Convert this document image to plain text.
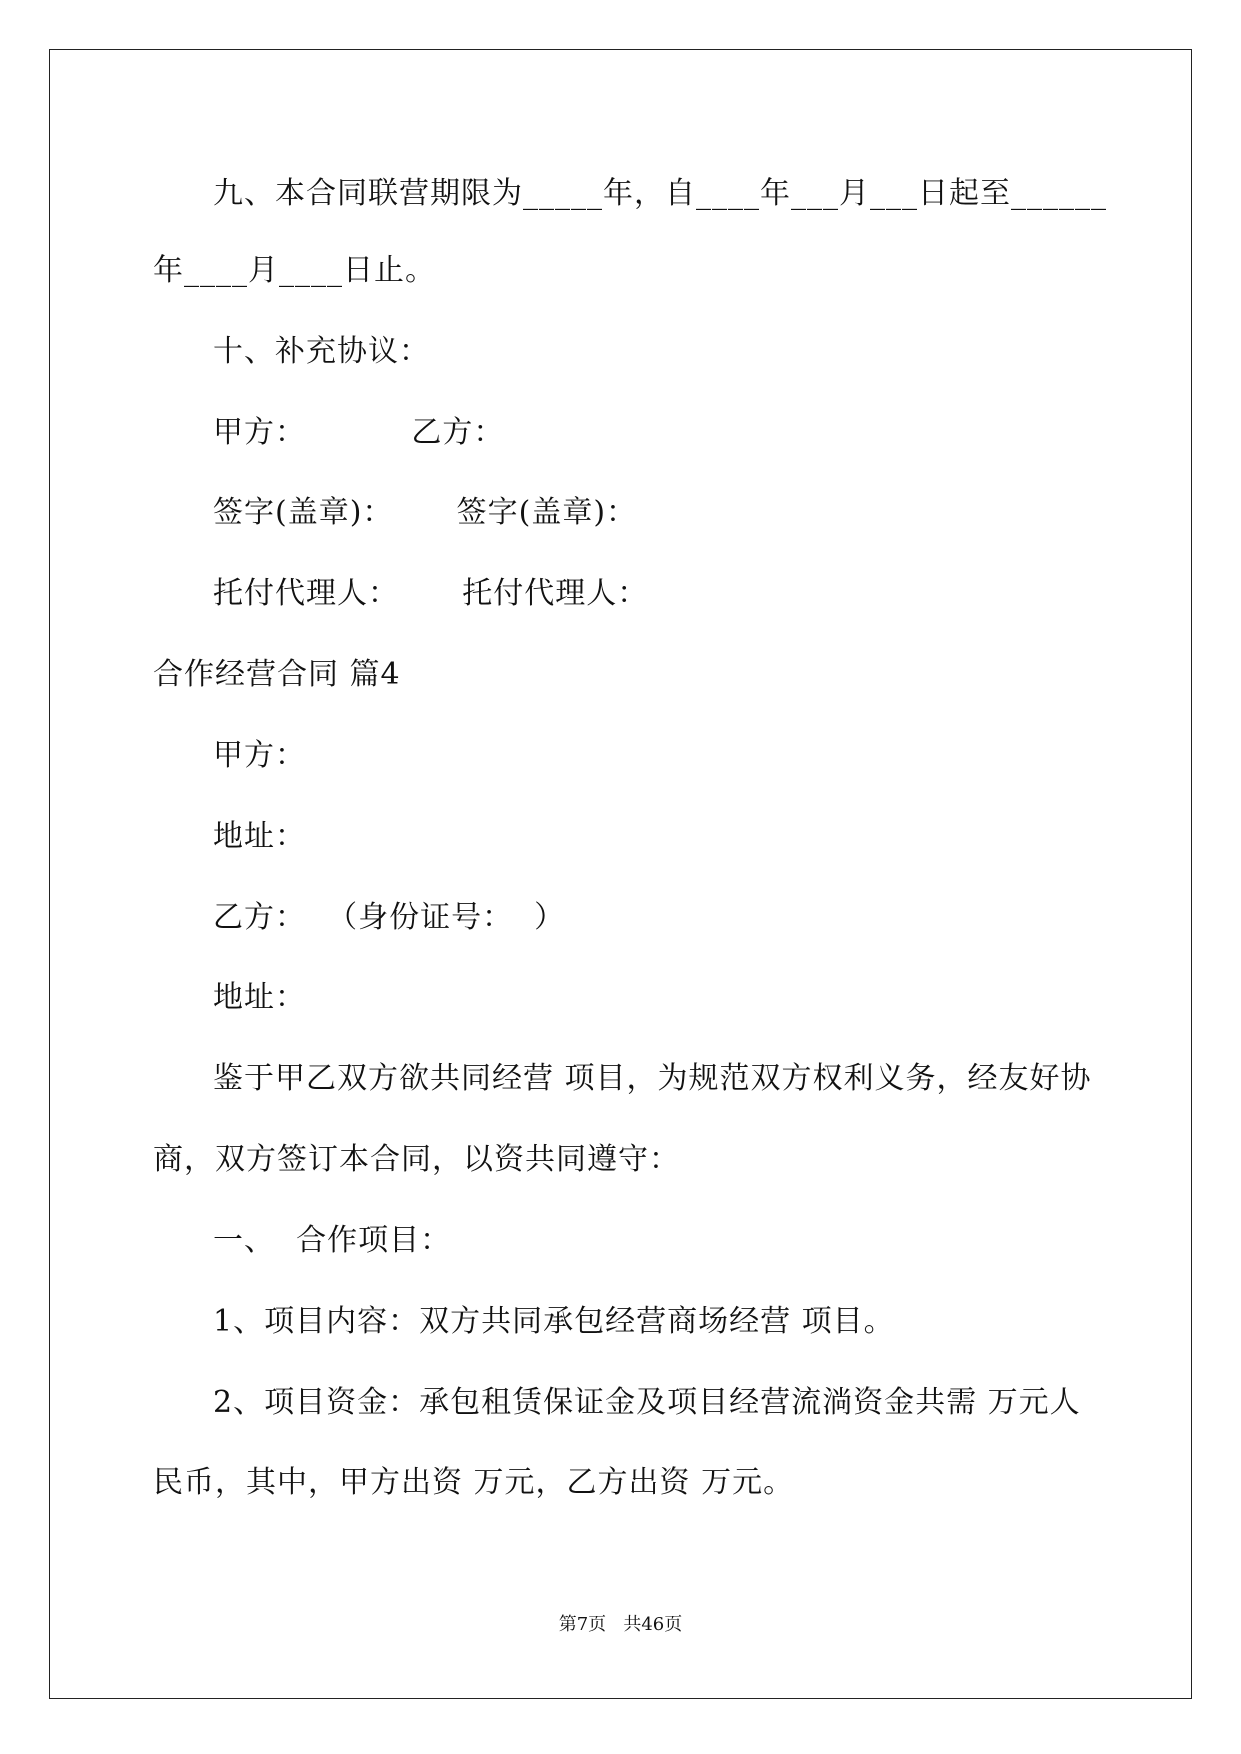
九、本合同联营期限为_____年，自____年___月___日起至______
年____月____日止。
十、补充协议：
甲方：          乙方：
签字(盖章)：      签字(盖章)：
托付代理人：      托付代理人：
合作经营合同 篇4
甲方：
地址：
乙方：  （身份证号：  ）
地址：
鉴于甲乙双方欲共同经营 项目，为规范双方权利义务，经友好协
商，双方签订本合同，以资共同遵守：
一、  合作项目：
1、项目内容：双方共同承包经营商场经营 项目。
2、项目资金：承包租赁保证金及项目经营流淌资金共需 万元人
民币，其中，甲方出资 万元，乙方出资 万元。
第7页   共46页
